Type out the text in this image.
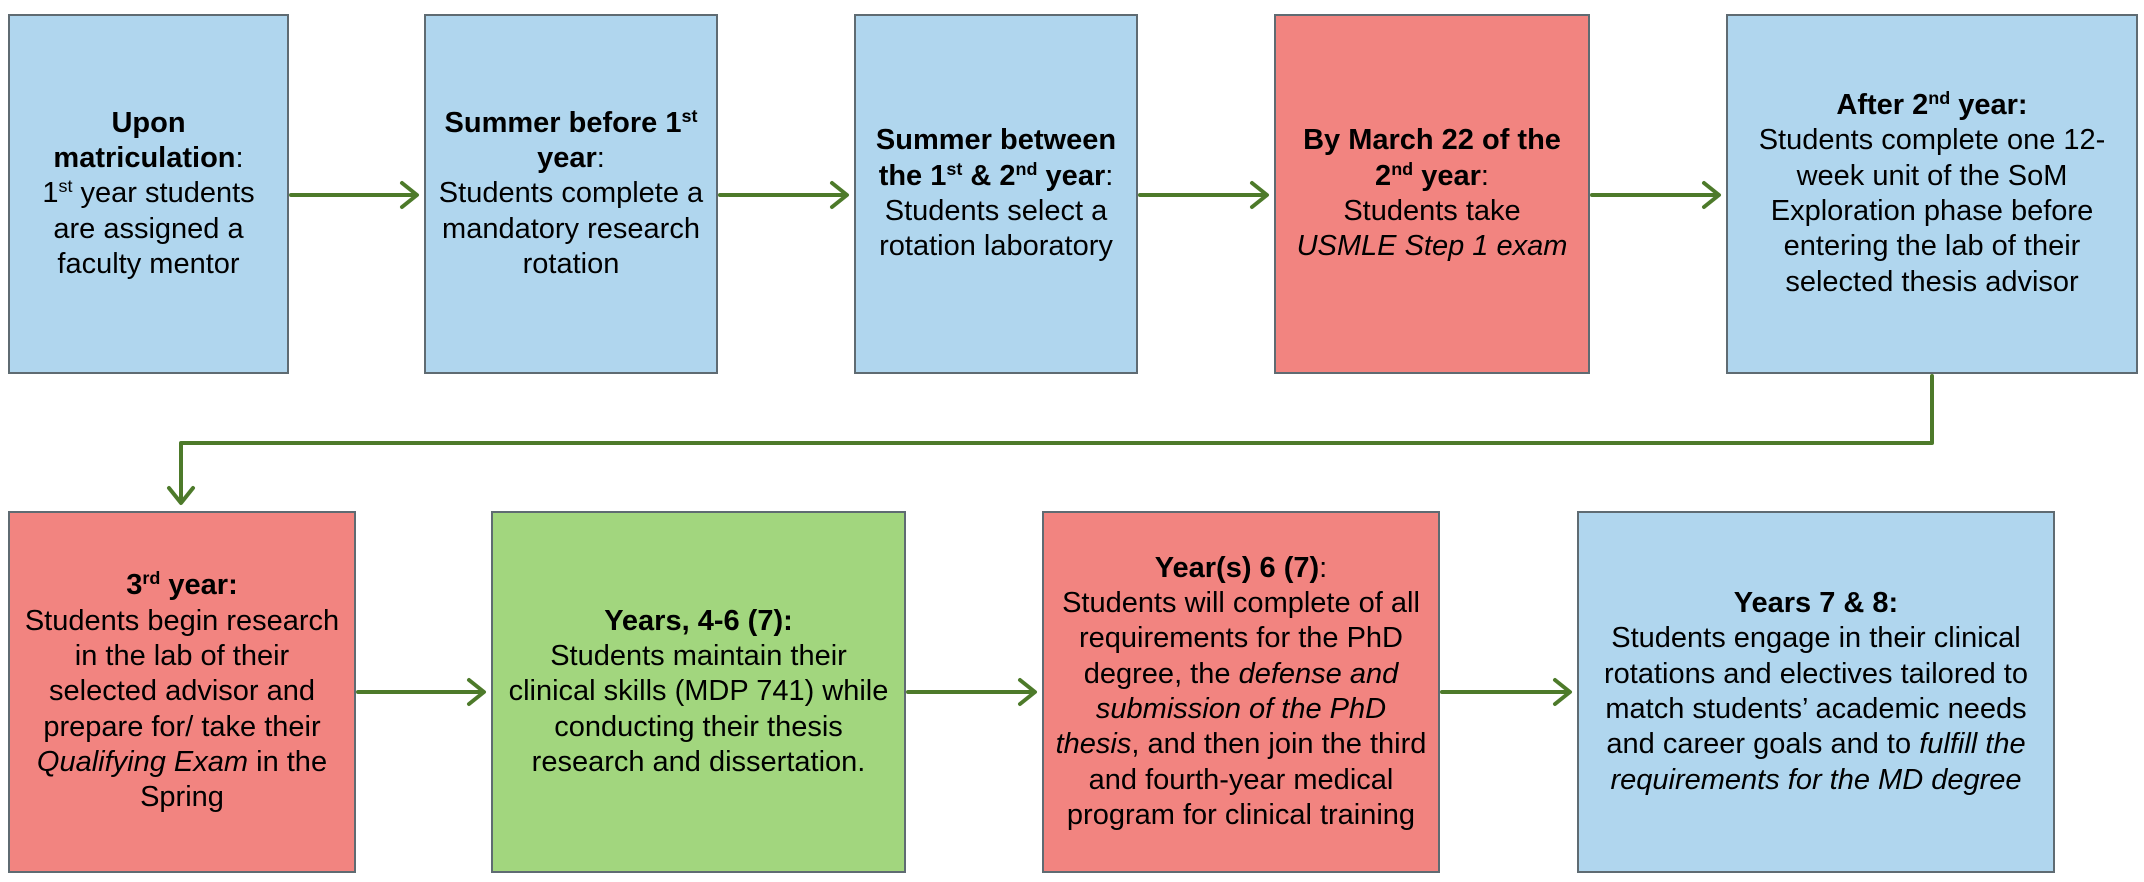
Upon matriculation:
1st year students are assigned a faculty mentor
Summer before 1st year:
Students complete a mandatory research rotation
Summer between the 1st & 2nd year:
Students select a rotation laboratory
By March 22 of the 2nd year:
Students take
USMLE Step 1 exam
After 2nd year:
Students complete one 12-week unit of the SoM Exploration phase before entering the lab of their selected thesis advisor
3rd year:
Students begin research in the lab of their selected advisor and prepare for/ take their Qualifying Exam in the Spring
Years, 4-6 (7):
Students maintain their clinical skills (MDP 741) while conducting their thesis research and dissertation.
Year(s) 6 (7):
Students will complete of all requirements for the PhD degree, the defense and submission of the PhD thesis, and then join the third and fourth-year medical program for clinical training
Years 7 & 8:
Students engage in their clinical rotations and electives tailored to match students’ academic needs and career goals and to fulfill the requirements for the MD degree
